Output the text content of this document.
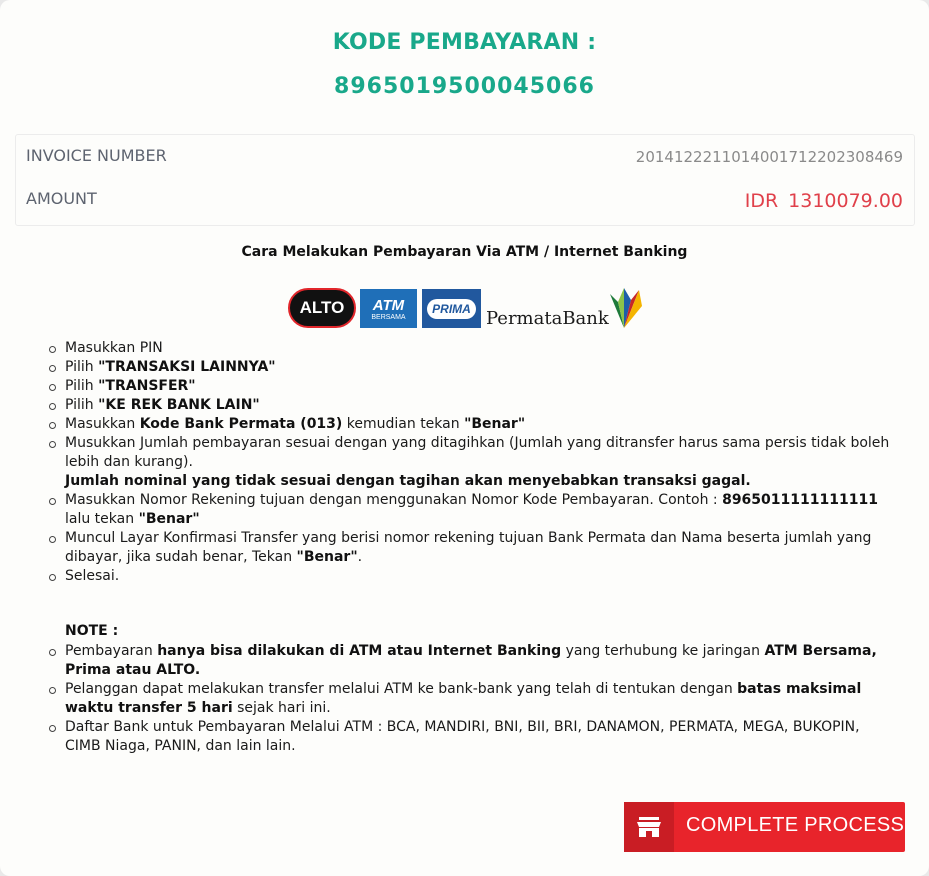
KODE PEMBAYARAN :
8965019500045066
INVOICE NUMBER	2014122211014001712202308469
AMOUNT	IDR 1310079.00
Cara Melakukan Pembayaran Via ATM / Internet Banking
ALTO ATM
BERSAMA
PRIMA PermataBank
Masukkan PIN
Pilih "TRANSAKSI LAINNYA"
Pilih "TRANSFER"
Pilih "KE REK BANK LAIN"
Masukkan Kode Bank Permata (013) kemudian tekan "Benar"
Musukkan Jumlah pembayaran sesuai dengan yang ditagihkan (Jumlah yang ditransfer harus sama persis tidak boleh lebih dan kurang).
Jumlah nominal yang tidak sesuai dengan tagihan akan menyebabkan transaksi gagal.
Masukkan Nomor Rekening tujuan dengan menggunakan Nomor Kode Pembayaran. Contoh : 8965011111111111 lalu tekan "Benar"
Muncul Layar Konfirmasi Transfer yang berisi nomor rekening tujuan Bank Permata dan Nama beserta jumlah yang dibayar, jika sudah benar, Tekan "Benar".
Selesai.
NOTE :
Pembayaran hanya bisa dilakukan di ATM atau Internet Banking yang terhubung ke jaringan ATM Bersama, Prima atau ALTO.
Pelanggan dapat melakukan transfer melalui ATM ke bank-bank yang telah di tentukan dengan batas maksimal waktu transfer 5 hari sejak hari ini.
Daftar Bank untuk Pembayaran Melalui ATM : BCA, MANDIRI, BNI, BII, BRI, DANAMON, PERMATA, MEGA, BUKOPIN, CIMB Niaga, PANIN, dan lain lain.
COMPLETE PROCESS
